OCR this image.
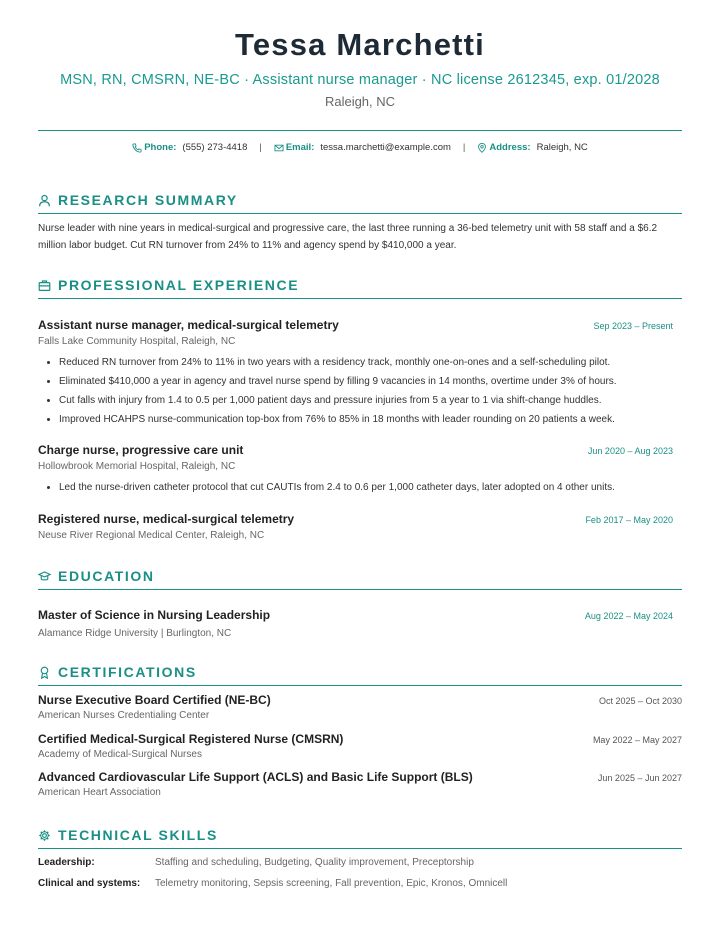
Tessa Marchetti
MSN, RN, CMSRN, NE-BC · Assistant nurse manager · NC license 2612345, exp. 01/2028
Raleigh, NC
Phone: (555) 273-4418 |	Email: tessa.marchetti@example.com |	Address: Raleigh, NC
RESEARCH SUMMARY
Nurse leader with nine years in medical-surgical and progressive care, the last three running a 36-bed telemetry unit with 58 staff and a $6.2 million labor budget. Cut RN turnover from 24% to 11% and agency spend by $410,000 a year.
PROFESSIONAL EXPERIENCE
Assistant nurse manager, medical-surgical telemetry	Sep 2023 – Present
Falls Lake Community Hospital, Raleigh, NC
• Reduced RN turnover from 24% to 11% in two years with a residency track, monthly one-on-ones and a self-scheduling pilot.
• Eliminated $410,000 a year in agency and travel nurse spend by filling 9 vacancies in 14 months, overtime under 3% of hours.
• Cut falls with injury from 1.4 to 0.5 per 1,000 patient days and pressure injuries from 5 a year to 1 via shift-change huddles.
• Improved HCAHPS nurse-communication top-box from 76% to 85% in 18 months with leader rounding on 20 patients a week.
Charge nurse, progressive care unit	Jun 2020 – Aug 2023
Hollowbrook Memorial Hospital, Raleigh, NC
• Led the nurse-driven catheter protocol that cut CAUTIs from 2.4 to 0.6 per 1,000 catheter days, later adopted on 4 other units.
Registered nurse, medical-surgical telemetry	Feb 2017 – May 2020
Neuse River Regional Medical Center, Raleigh, NC
EDUCATION
Master of Science in Nursing Leadership	Aug 2022 – May 2024
Alamance Ridge University | Burlington, NC
CERTIFICATIONS
Nurse Executive Board Certified (NE-BC)	Oct 2025 – Oct 2030
American Nurses Credentialing Center
Certified Medical-Surgical Registered Nurse (CMSRN)	May 2022 – May 2027
Academy of Medical-Surgical Nurses
Advanced Cardiovascular Life Support (ACLS) and Basic Life Support (BLS)	Jun 2025 – Jun 2027
American Heart Association
TECHNICAL SKILLS
Leadership:	Staffing and scheduling, Budgeting, Quality improvement, Preceptorship
Clinical and systems:	Telemetry monitoring, Sepsis screening, Fall prevention, Epic, Kronos, Omnicell
